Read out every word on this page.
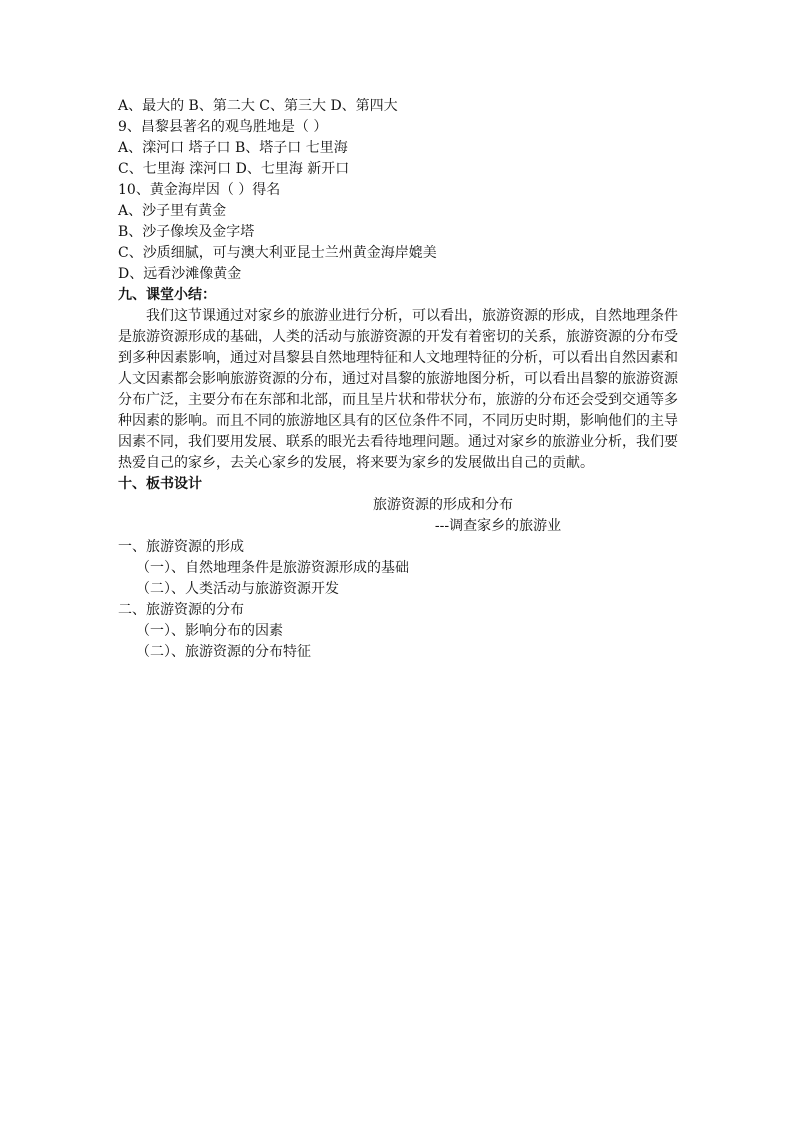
A、最大的 B、第二大 C、第三大 D、第四大
9、昌黎县著名的观鸟胜地是（ ）
A、滦河口 塔子口 B、塔子口 七里海
C、七里海 滦河口 D、七里海 新开口
10、黄金海岸因（ ）得名
A、沙子里有黄金
B、沙子像埃及金字塔
C、沙质细腻，可与澳大利亚昆士兰州黄金海岸媲美
D、远看沙滩像黄金
九、课堂小结：

我们这节课通过对家乡的旅游业进行分析，可以看出，旅游资源的形成，自然地理条件是旅游资源形成的基础，人类的活动与旅游资源的开发有着密切的关系，旅游资源的分布受到多种因素影响，通过对昌黎县自然地理特征和人文地理特征的分析，可以看出自然因素和人文因素都会影响旅游资源的分布，通过对昌黎的旅游地图分析，可以看出昌黎的旅游资源分布广泛，主要分布在东部和北部，而且呈片状和带状分布，旅游的分布还会受到交通等多种因素的影响。而且不同的旅游地区具有的区位条件不同，不同历史时期，影响他们的主导因素不同，我们要用发展、联系的眼光去看待地理问题。通过对家乡的旅游业分析，我们要热爱自己的家乡，去关心家乡的发展，将来要为家乡的发展做出自己的贡献。

十、板书设计
旅游资源的形成和分布
---调查家乡的旅游业
一、旅游资源的形成
（一）、自然地理条件是旅游资源形成的基础
（二）、人类活动与旅游资源开发
二、旅游资源的分布
（一）、影响分布的因素
（二）、旅游资源的分布特征
